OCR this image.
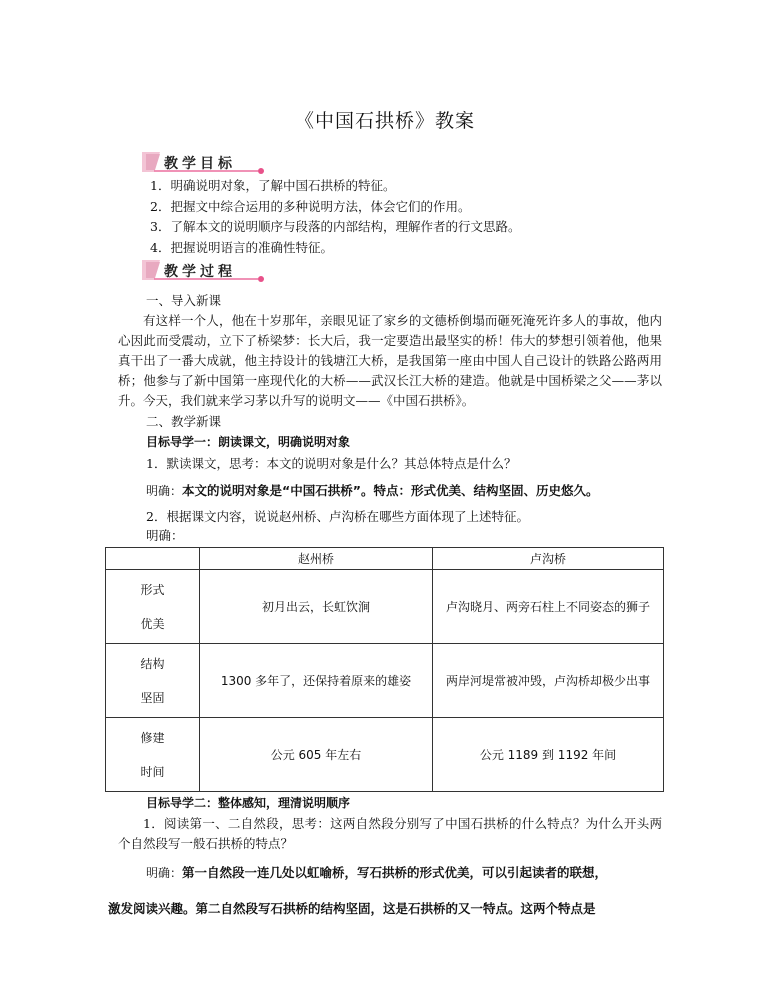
《中国石拱桥》教案
教学目标
1．明确说明对象，了解中国石拱桥的特征。
2．把握文中综合运用的多种说明方法，体会它们的作用。
3．了解本文的说明顺序与段落的内部结构，理解作者的行文思路。
4．把握说明语言的准确性特征。
教学过程
一、导入新课

有这样一个人，他在十岁那年，亲眼见证了家乡的文德桥倒塌而砸死淹死许多人的事故，他内心因此而受震动，立下了桥梁梦：长大后，我一定要造出最坚实的桥！伟大的梦想引领着他，他果真干出了一番大成就，他主持设计的钱塘江大桥，是我国第一座由中国人自己设计的铁路公路两用桥；他参与了新中国第一座现代化的大桥——武汉长江大桥的建造。他就是中国桥梁之父——茅以升。今天，我们就来学习茅以升写的说明文——《中国石拱桥》。

二、教学新课
目标导学一：朗读课文，明确说明对象
1．默读课文，思考：本文的说明对象是什么？其总体特点是什么？
明确：本文的说明对象是“中国石拱桥”。特点：形式优美、结构坚固、历史悠久。
2．根据课文内容，说说赵州桥、卢沟桥在哪些方面体现了上述特征。
明确：
	赵州桥	卢沟桥

形式
优美	初月出云，长虹饮涧	卢沟晓月、两旁石柱上不同姿态的狮子

结构
坚固	1300 多年了，还保持着原来的雄姿	两岸河堤常被冲毁，卢沟桥却极少出事

修建
时间	公元 605 年左右	公元 1189 到 1192 年间
目标导学二：整体感知，理清说明顺序

1．阅读第一、二自然段，思考：这两自然段分别写了中国石拱桥的什么特点？为什么开头两个自然段写一般石拱桥的特点？

明确：第一自然段一连几处以虹喻桥，写石拱桥的形式优美，可以引起读者的联想，
激发阅读兴趣。第二自然段写石拱桥的结构坚固，这是石拱桥的又一特点。这两个特点是
